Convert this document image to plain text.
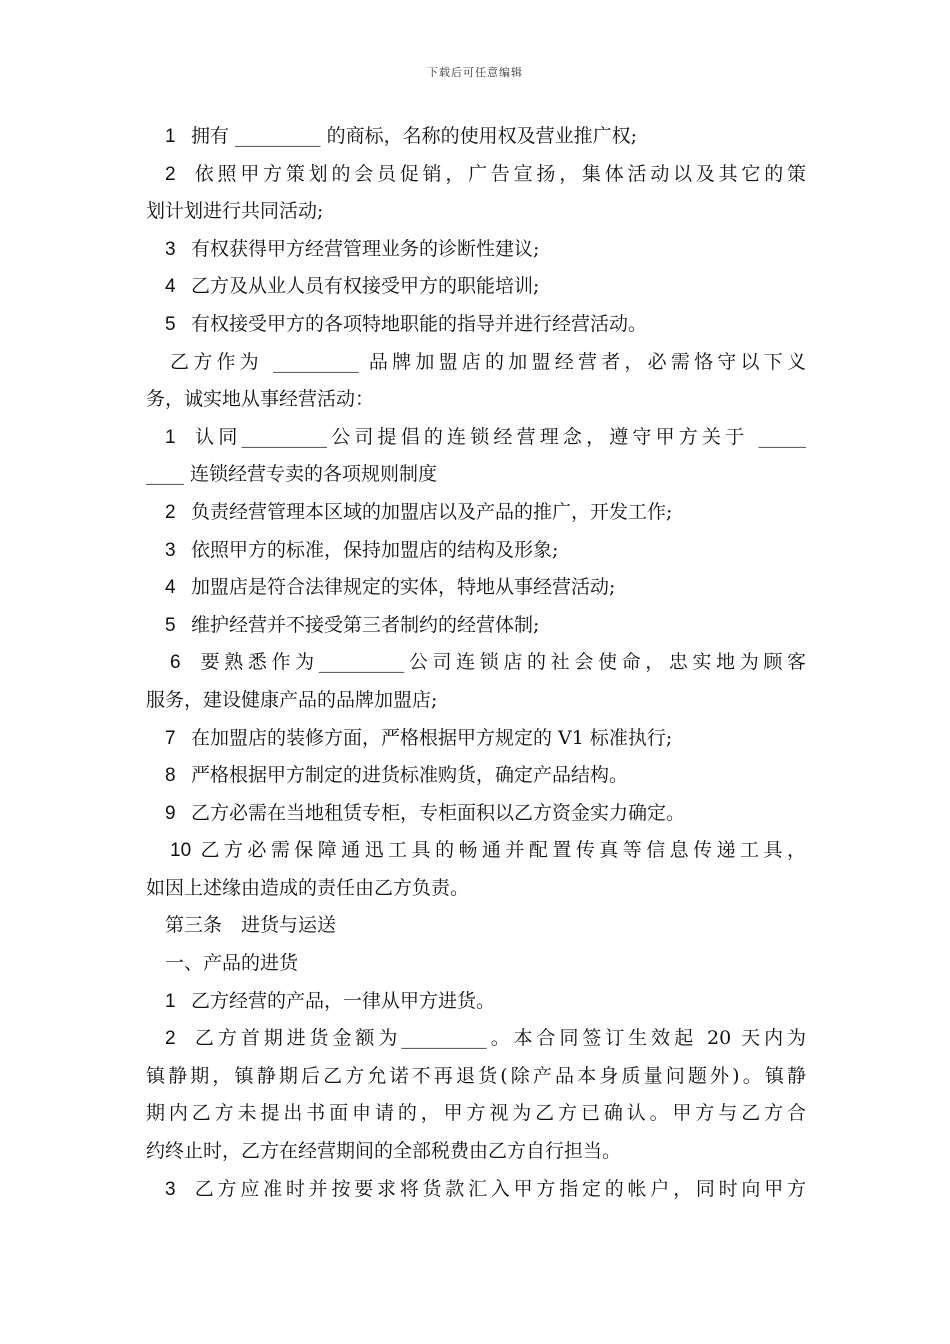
下载后可任意编辑
1 拥有 _________ 的商标，名称的使用权及营业推广权;
2 依照甲方策划的会员促销，广告宣扬，集体活动以及其它的策
划计划进行共同活动;
3 有权获得甲方经营管理业务的诊断性建议;
4 乙方及从业人员有权接受甲方的职能培训;
5 有权接受甲方的各项特地职能的指导并进行经营活动。
乙方作为 _________ 品牌加盟店的加盟经营者，必需恪守以下义
务，诚实地从事经营活动：
1 认同_________公司提倡的连锁经营理念，遵守甲方关于 _____
____ 连锁经营专卖的各项规则制度
2 负责经营管理本区域的加盟店以及产品的推广，开发工作;
3 依照甲方的标准，保持加盟店的结构及形象;
4 加盟店是符合法律规定的实体，特地从事经营活动;
5 维护经营并不接受第三者制约的经营体制;
6 要熟悉作为_________公司连锁店的社会使命，忠实地为顾客
服务，建设健康产品的品牌加盟店;
7 在加盟店的装修方面，严格根据甲方规定的 V1 标准执行;
8 严格根据甲方制定的进货标准购货，确定产品结构。
9 乙方必需在当地租赁专柜，专柜面积以乙方资金实力确定。
10 乙方必需保障通迅工具的畅通并配置传真等信息传递工具，
如因上述缘由造成的责任由乙方负责。
第三条　进货与运送
一、产品的进货
1 乙方经营的产品，一律从甲方进货。
2 乙方首期进货金额为_________。本合同签订生效起 20 天内为
镇静期，镇静期后乙方允诺不再退货(除产品本身质量问题外)。镇静
期内乙方未提出书面申请的，甲方视为乙方已确认。甲方与乙方合
约终止时，乙方在经营期间的全部税费由乙方自行担当。
3 乙方应准时并按要求将货款汇入甲方指定的帐户，同时向甲方
